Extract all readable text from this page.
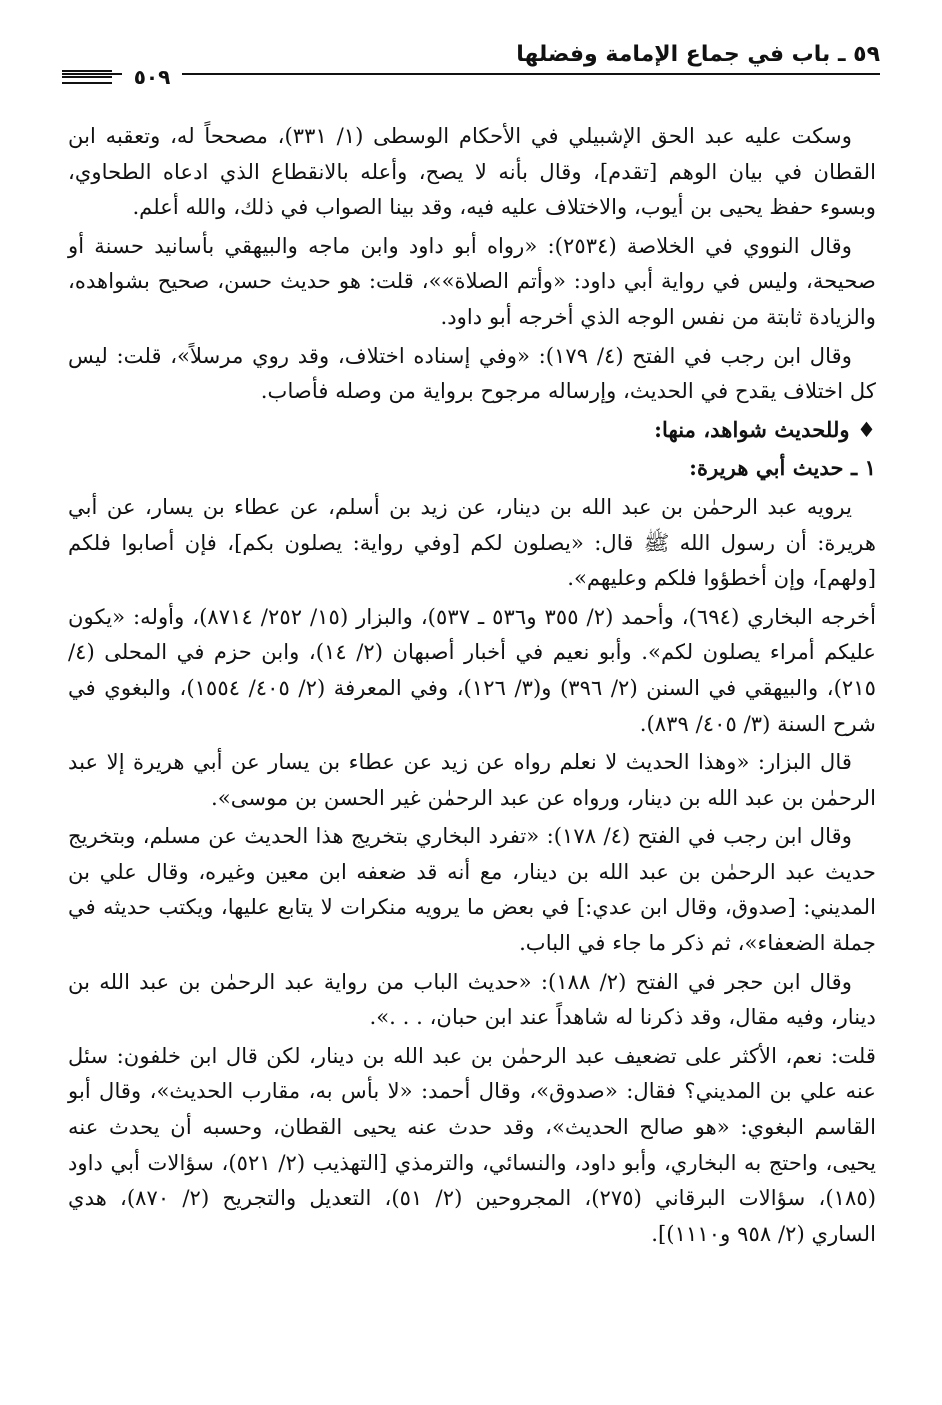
٥٩ ـ باب في جماع الإمامة وفضلها
٥٠٩

وسكت عليه عبد الحق الإشبيلي في الأحكام الوسطى (١/ ٣٣١)، مصححاً له، وتعقبه ابن القطان في بيان الوهم [تقدم]، وقال بأنه لا يصح، وأعله بالانقطاع الذي ادعاه الطحاوي، وبسوء حفظ يحيى بن أيوب، والاختلاف عليه فيه، وقد بينا الصواب في ذلك، والله أعلم.

وقال النووي في الخلاصة (٢٥٣٤): «رواه أبو داود وابن ماجه والبيهقي بأسانيد حسنة أو صحيحة، وليس في رواية أبي داود: «وأتم الصلاة»»، قلت: هو حديث حسن، صحيح بشواهده، والزيادة ثابتة من نفس الوجه الذي أخرجه أبو داود.

وقال ابن رجب في الفتح (٤/ ١٧٩): «وفي إسناده اختلاف، وقد روي مرسلاً»، قلت: ليس كل اختلاف يقدح في الحديث، وإرساله مرجوح برواية من وصله فأصاب.

♦ وللحديث شواهد، منها:

١ ـ حديث أبي هريرة:

يرويه عبد الرحمٰن بن عبد الله بن دينار، عن زيد بن أسلم، عن عطاء بن يسار، عن أبي هريرة: أن رسول الله ﷺ قال: «يصلون لكم [وفي رواية: يصلون بكم]، فإن أصابوا فلكم [ولهم]، وإن أخطؤوا فلكم وعليهم».

أخرجه البخاري (٦٩٤)، وأحمد (٢/ ٣٥٥ و٥٣٦ ـ ٥٣٧)، والبزار (١٥/ ٢٥٢/ ٨٧١٤)، وأوله: «يكون عليكم أمراء يصلون لكم». وأبو نعيم في أخبار أصبهان (٢/ ١٤)، وابن حزم في المحلى (٤/ ٢١٥)، والبيهقي في السنن (٢/ ٣٩٦) و(٣/ ١٢٦)، وفي المعرفة (٢/ ٤٠٥/ ١٥٥٤)، والبغوي في شرح السنة (٣/ ٤٠٥/ ٨٣٩).

قال البزار: «وهذا الحديث لا نعلم رواه عن زيد عن عطاء بن يسار عن أبي هريرة إلا عبد الرحمٰن بن عبد الله بن دينار، ورواه عن عبد الرحمٰن غير الحسن بن موسى».

وقال ابن رجب في الفتح (٤/ ١٧٨): «تفرد البخاري بتخريج هذا الحديث عن مسلم، وبتخريج حديث عبد الرحمٰن بن عبد الله بن دينار، مع أنه قد ضعفه ابن معين وغيره، وقال علي بن المديني: [صدوق، وقال ابن عدي:] في بعض ما يرويه منكرات لا يتابع عليها، ويكتب حديثه في جملة الضعفاء»، ثم ذكر ما جاء في الباب.

وقال ابن حجر في الفتح (٢/ ١٨٨): «حديث الباب من رواية عبد الرحمٰن بن عبد الله بن دينار، وفيه مقال، وقد ذكرنا له شاهداً عند ابن حبان، . . .».

قلت: نعم، الأكثر على تضعيف عبد الرحمٰن بن عبد الله بن دينار، لكن قال ابن خلفون: سئل عنه علي بن المديني؟ فقال: «صدوق»، وقال أحمد: «لا بأس به، مقارب الحديث»، وقال أبو القاسم البغوي: «هو صالح الحديث»، وقد حدث عنه يحيى القطان، وحسبه أن يحدث عنه يحيى، واحتج به البخاري، وأبو داود، والنسائي، والترمذي [التهذيب (٢/ ٥٢١)، سؤالات أبي داود (١٨٥)، سؤالات البرقاني (٢٧٥)، المجروحين (٢/ ٥١)، التعديل والتجريح (٢/ ٨٧٠)، هدي الساري (٢/ ٩٥٨ و١١١٠)].
